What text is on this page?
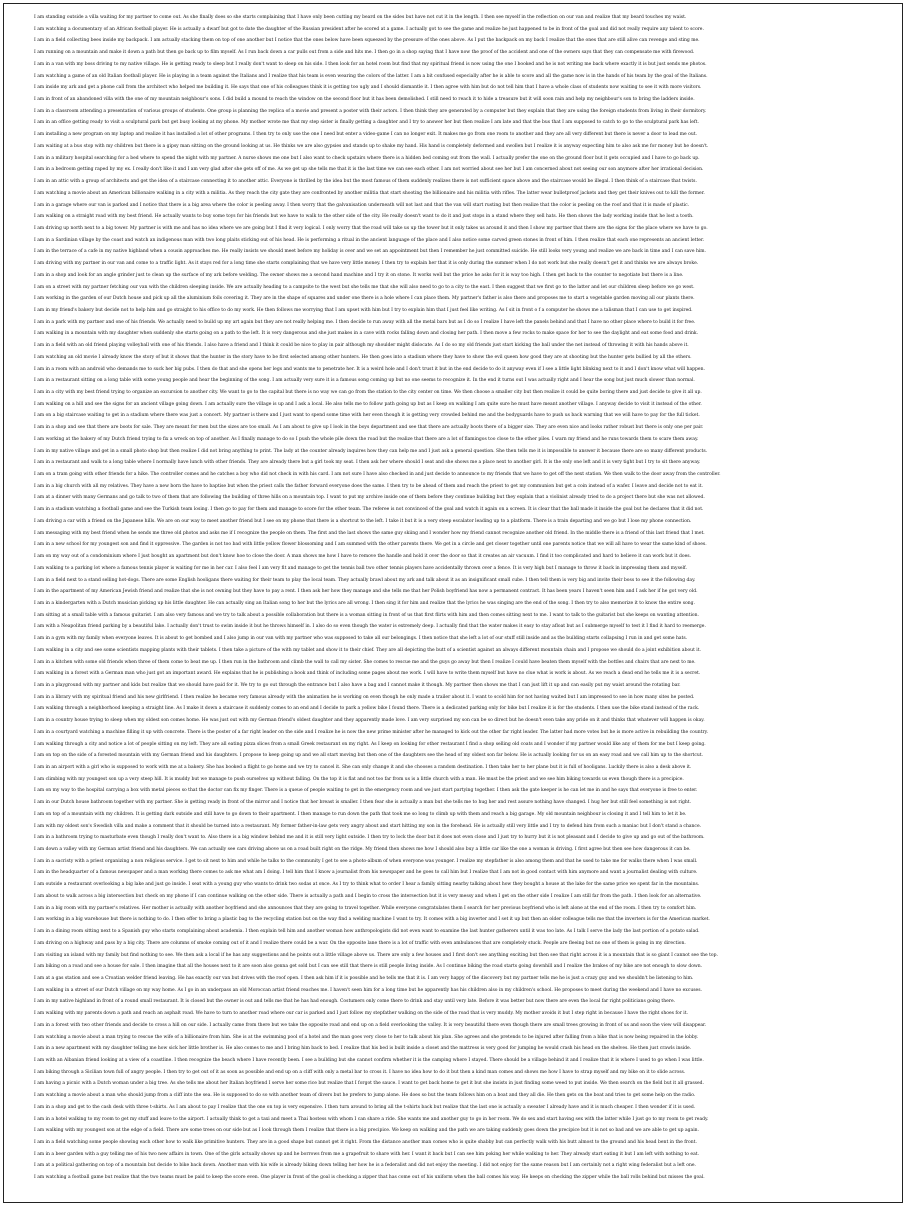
I am standing outside a villa waiting for my partner to come out. As she finally does so she starts complaining that I have only been cutting my beard on the sides but have not cut it in the length. I then see myself in the reflection on our van and realize that my beard touches my waist.
I am watching a documentary of an African football player. He is actually a dwarf but got to date the daughter of the Russian president after he scored at a game. I actually got to see the game and realize he just happened to be in front of the goal and did not really require any talent to score.
I am in a field collecting bees inside my backpack. I am actually stacking them on top of one another but I notice that the ones below have been squeezed by the pressure of the ones above. As I put the backpack on my back I realize that the ones that are still alive can revenge and sting me.
I am running on a mountain and make it down a path but then go back up to film myself. As I run back down a car pulls out from a side and hits me. I then go in a shop saying that I have now the proof of the accident and one of the owners says that they can compensate me with firewood.
I am in a van with my boss driving to my native village. He is getting ready to sleep but I really don't want to sleep on his side. I then look for an hotel room but find that my spiritual friend is now using the one I booked and he is not writing me back where exactly it is but just sends me photos.
I am watching a game of an old Italian football player. He is playing in a team against the Italians and I realize that his team is even wearing the colors of the latter. I am a bit confused especially after he is able to score and all the game now is in the hands of his team by the goal of the Italians.
I am inside my ark and get a phone call from the architect who helped me building it. He says that one of his colleagues think it is getting too ugly and I should dismantle it. I then agree with him but do not tell him that I have a whole class of students now waiting to see it with more visitors.
I am in front of an abandoned villa with the one of my mountain neighbour's sons. I did build a mound to reach the window on the second floor but it has been demolished. I still need to reach it to hide a treasure but it will soon rain and help my neighbour's son to bring the ladders inside.
I am in a classroom attending a presentation of various groups of students. One group is planning the replica of a movie and present a poster with their actors. I then think they are generated by a computer but they explain that they are using the foreign students from living in their dormitory.
I am in an office getting ready to visit a sculptural park but get busy looking at my phone. My mother wrote me that my step sister is finally getting a daughter and I try to answer her but then realize I am late and that the bus that I am supposed to catch to go to the sculptural park has left.
I am installing a new program on my laptop and realize it has installed a lot of other programs. I then try to only use the one I need but enter a video-game I can no longer exit. It makes me go from one room to another and they are all very different but there is never a door to lead me out.
I am waiting at a bus stop with my children but there is a gipsy man sitting on the ground looking at us. He thinks we are also gypsies and stands up to shake my hand. His hand is completely deformed and swollen but I realize it is anyway expecting him to also ask me for money but he doesn't.
I am in a military hospital searching for a bed where to spend the night with my partner. A nurse shows me one but I also want to check upstairs where there is a hidden bed coming out from the wall. I actually prefer the one on the ground floor but it gets occupied and I have to go back up.
I am in a bedroom getting raped by my ex. I really don't like it and I am very glad after she gets off of me. As we get up she tells me that it is the last time we can see each other. I am not worried about see her but I am concerned about not seeing our son anymore after her irrational decision.
I am in an attic with a group of architects and get the idea of a staircase connecting it to another attic. Everyone is thrilled by the idea but the most famous of them suddenly realizes there is not sufficient space above and the staircase would be illegal. I then think of a staircase that twists.
I am watching a movie about an American billionaire walking in a city with a militia. As they reach the city gate they are confronted by another militia that start shooting the billionaire and his militia with rifles. The latter wear bulletproof jackets and they get their knives out to kill the former.
I am in a garage where our van is parked and I notice that there is a big area where the color is peeling away. I then worry that the galvanisation underneath will not last and that the van will start rusting but then realize that the color is peeling on the roof and that it is made of plastic.
I am walking on a straight road with my best friend. He actually wants to buy some toys for his friends but we have to walk to the other side of the city. He really doesn't want to do it and just stops in a stand where they sell hats. He then shows the lady working inside that he lost a tooth.
I am driving up north next to a big tower. My partner is with me and has no idea where we are going but I find it very logical. I only worry that the road will take us up the tower but it only takes us around it and then I show my partner that there are the signs for the place where we have to go.
I am in a Sardinian village by the coast and watch an indigenous man with two long plaits sticking out of his head. He is performing a ritual in the ancient language of the place and I also notice some carved green stones in front of him. I then realize that each one represents an ancient letter.
I am in the terrace of a cafe in my native highland when a cousin approaches me. He really insists we should meet before my holiday is over and we set an appointment but then I remember he just committed suicide. He still looks very young and realize we are back in time and I can save him.
I am driving with my partner in our van and come to a traffic light. As it stays red for a long time she starts complaining that we have very little money. I then try to explain her that it is only during the summer when I do not work but she really doesn't get it and thinks we are always broke.
I am in a shop and look for an angle grinder just to clean up the surface of my ark before welding. The owner shows me a second hand machine and I try it on stone. It works well but the price he asks for it is way too high. I then get back to the counter to negotiate but there is a line.
I am on a street with my partner fetching our van with the children sleeping inside. We are actually heading to a campsite to the west but she tells me that she will also need to go to a city to the east. I then suggest that we first go to the latter and let our children sleep before we go west.
I am working in the garden of our Dutch house and pick up all the aluminium foils covering it. They are in the shape of squares and under one there is a hole where I can place them. My partner's father is also there and proposes me to start a vegetable garden moving all our plants there.
I am in my friend's bakery but decide not to help him and go straight to his office to do my work. He then follows me worrying that I am upset with him but I try to explain him that I just feel like writing. As I sit in front o f a computer he shows me a talisman that I can use to get inspired.
I am in a park with my partner and one of his friends. We actually need to build up my art again but they are not really helping me. I then decide to run away with all the metal bars but as I do so I realize I have left the panels behind and that I have no other place where to build it for free.
I am walking in a mountain with my daughter when suddenly she starts going on a path to the left. It is very dangerous and she just makes in a cave with rocks falling down and closing her path. I then move a few rocks to make space for her to see the daylight and eat some food and drink.
I am in a field with an old friend playing volleyball with one of his friends. I also have a friend and I think it could be nice to play in pair although my shoulder might dislocate. As I do so my old friends just start kicking the ball under the net instead of throwing it with his hands above it.
I am watching an old movie I already know the story of but it shows that the hunter in the story have to be first selected among other hunters. He then goes into a stadium where they have to show the evil queen how good they are at shooting but the hunter gets bullied by all the others.
I am in a room with an android who demands me to suck her big pubs. I then do that and she opens her legs and wants me to penetrate her. It is a weird hole and I don't trust it but in the end decide to do it anyway even if I see a little light blinking next to it and I don't know what will happen.
I am in a restaurant sitting on a long table with some young people and hear the beginning of the song. I am actually very sure it is a famous song coming up but no one seems to recognize it. In the end it turns out I was actually right and I hear the song but just much slower than normal.
I am in a city with my best friend trying to organize an excursion to another city. We want to go to the capital but there is no way we can go from the station to the city center on time. We then choose a smaller city but then realize it could be quite boring there and just decide to give it all up.
I am walking on a hill and see the signs for an ancient village going down. I am actually sure the village is up and I ask a local. He also tells me to follow path going up but as I keep on walking I am quite sure he must have meant another village. I anyway decide to visit it instead of the other.
I am on a big staircase waiting to get in a stadium where there was just a concert. My partner is there and I just want to spend some time with her even though it is getting very crowded behind me and the bodyguards have to push us back warning that we will have to pay for the full ticket.
I am in a shop and see that there are boots for sale. They are meant for men but the sizes are too small. As I am about to give up I look in the boys department and see that there are actually boots there of a bigger size. They are even nice and looks rather robust but there is only one per pair.
I am working at the bakery of my Dutch friend trying to fix a wreck on top of another. As I finally manage to do so I push the whole pile down the road but the realize that there are a lot of flamingos too close to the other piles. I warn my friend and he runs towards them to scare them away.
I am in my native village and get in a small photo shop but then realize I did not bring anything to print. The lady at the counter already inquires how they can help me and I just ask a general question. She then tells me it is impossible to answer it because there are so many different products.
I am in a restaurant and walk to a long table where I normally have lunch with other friends. They are already there but a girl took my seat. I then ask her where should I seat and she shows me a place next to another girl. It is the only one left and it is very tight but I try to sit there anyway.
I am on a tram going with other friends for a hike. The controller comes and he catches a boy who did not check in with his card. I am not sure I have also checked in and just decide to announce to my friends that we have to get off the next station. We then walk to the door away from the controller.
I am in a big church with all my relatives. They have a new born the have to baptise but when the priest calls the father forward everyone does the same. I then try to be ahead of them and reach the priest to get my communion but get a coin instead of a wafer. I leave and decide not to eat it.
I am at a dinner with many Germans and go talk to two of them that are following the building of three hills on a mountain top. I want to put my archive inside one of them before they continue building but they explain that a violinist already tried to do a project there but she was not allowed.
I am in a stadium watching a football game and see the Turkish team losing. I then go to pay for them and manage to score for the other team. The referee is not convinced of the goal and watch it again on a screen. It is clear that the ball made it inside the goal but he declares that it did not.
I am driving a car with a friend on the Japanese hills. We are on our way to meet another friend but I see on my phone that there is a shortcut to the left. I take it but it is a very steep escalator leading up to a platform. There is a train departing and we go but I lose my phone connection.
I am messaging with my best friend when he sends me three old photos and asks me if I recognize the people on them. The first and the last shows the same guy skiing and I wonder how my friend cannot recognize another old friend. In the middle there is a friend of this last friend that I met.
I am in a new school for my youngest son and find it oppressive. The garden is not too bad with little yellow flower blossoming and I am summed with the other parents there. We get in a circle and get closer together until one parents notice that we will all have to wear the same kind of shoes.
I am on my way out of a condominium where I just bought an apartment but don't know hoe to close the door. A man shows me how I have to remove the handle and hold it over the door so that it creates an air vacuum. I find it too complicated and hard to believe it can work but it does.
I am walking to a parking lot where a famous tennis player is waiting for me in her car. I also feel I am very fit and manage to get the tennis ball two other tennis players have accidentally thrown over a fence. It is very high but I manage to throw it back in impressing them and myself.
I am in a field next to a stand selling hot-dogs. There are some English hooligans there waiting for their team to play the local team. They actually brawl about my ark and talk about it as an insignificant small cube. I then tell them is very big and invite their boss to see it the following day.
I am in the apartment of my American Jewish friend and realize that she is not owning but they have to pay a rent. I then ask her how they manage and she tells me that her Polish boyfriend has now a permanent contract. It has been years I haven't seen him and I ask her if he got very old.
I am in a kindergarten with a Dutch musician picking up his little daughter. He can actually sing an Italian song to her but the lyrics are all wrong. I then sing it for him and realize that the lyrics he was singing are the end of the song. I then try to also memorize it to know the entire song.
I am sitting at a small table with a famous guitarist. I am also very famous and we try to talk about a possible collaboration but there is a woman sitting in front of us that first flirts with him and then comes sitting next to me. I want to talk to the guitarist but she keeps on wanting attention.
I am with a Neapolitan friend parking by a beautiful lake. I actually don't trust to swim inside it but he throws himself in. I also do so even though the water is extremely deep. I actually find that the water makes it easy to stay afloat but as I submerge myself to test it I find it hard to reemerge.
I am in a gym with my family when everyone leaves. It is about to get bombed and I also jump in our van with my partner who was supposed to take all our belongings. I then notice that she left a lot of our stuff still inside and as the building starts collapsing I run in and get some hats.
I am walking in a city and see some scientists mapping plants with their tablets. I then take a picture of the with my tablet and show it to their chief. They are all depicting the butt of a scientist against an always different mountain chain and I propose we should do a joint exhibition about it.
I am in a kitchen with some old friends when three of them come to beat me up. I then run in the bathroom and climb the wall to call my sister. She comes to rescue me and the guys go away but then I realize I could have beaten them myself with the bottles and chairs that are next to me.
I am walking in a forest with a German man who just got an important award. He explains that he is publishing a book and think of including some pages about me work. I will have to write them myself but have no clue what is work is about. As we reach a dead end he tells me it is a secret.
I am in a playground with my partner and kids but realize that we should have paid for it. We try to go out through the entrance but I also have a bag and I cannot make it though. My partner then shows me that I can just lift it up and can easily put my waist around the rotating bar.
I am in a library with my spiritual friend and his new girlfriend. I then realize he became very famous already with the animation he is working on even though he only made a trailer about it. I want to scold him for not having waited but I am impressed to see in how many sites he posted.
I am walking through a neighborhood keeping a straight line. As I make it down a staircase it suddenly comes to an end and I decide to park a yellow bike I found there. There is a dedicated parking only for bike but I realize it is for the students. I then use the bike stand instead of the rack.
I am in a country house trying to sleep when my oldest son comes home. He was just out with my German friend's oldest daughter and they apparently made love. I am very surprised my son can be so direct but he doesn't even take any pride on it and thinks that whatever will happen is okay.
I am in a courtyard watching a machine filling it up with concrete. There is the poster of a far right leader on the side and I realize he is now the new prime minister after he managed to kick out the other far right leader. The latter had more votes but he is more active in rebuilding the country.
I am walking through a city and notice a lot of people sitting on my left. They are all eating pizza slices from a small Greek restaurant on my right. As I keep on looking for other restaurant I find a shop selling old coats and I wonder if my partner would like any of them for me but I keep going.
I am on top on the side of a forested mountain with my German friend and his daughters. I propose to keep going up and we all start moving but then one of the daughters see the head of my oldest son far below. He is actually looking for us on an easy road and we call him up to the shortcut.
I am in an airport with a girl who is supposed to work with me at a bakery. She has booked a flight to go home and we try to cancel it. She can only change it and she chooses a random destination. I then take her to her plane but it is full of hooligans. Luckily there is also a desk above it.
I am climbing with my youngest son up a very steep hill. It is muddy but we manage to push ourselves up without falling. On the top it is flat and not too far from us is a little church with a man. He must be the priest and we see him biking towards us even though there is a precipice.
I am on my way to the hospital carrying a box with metal pieces so that the doctor can fix my finger. There is a queue of people waiting to get in the emergency room and we just start partying together. I then ask the gate keeper is he can let me in and he says that everyone is free to enter.
I am in our Dutch house bathroom together with my partner. She is getting ready in front of the mirror and I notice that her breast is smaller. I then fear she is actually a man but she tells me to hug her and rest assure nothing have changed. I hug her but still feel something is not right.
I am on top of a mountain with my children. It is getting dark outside and still have to go down to their apartment. I then manage to run down the path that took me so long to climb up with them and reach a big garage. My old mountain neighbour is closing it and I tell him to let it be.
I am with my oldest son's Swedish villa and make a comment that it should be turned into a restaurant. My former father-in-law gets very angry about and start hitting my son in the forehead. He is actually still very little and I try to defend him from such a maniac but I don't stand a chance.
I am in a bathroom trying to masturbate even though I really don't want to. Also there is a big window behind me and it is still very light outside. I then try to lock the door but it does not even close and I just try to hurry but it is not pleasant and I decide to give up and go out of the bathroom.
I am down a valley with my German artist friend and his daughters. We can actually see cars driving above us on a road built right on the ridge. My friend then shows me how I should also buy a little car like the one a woman is driving. I first agree but then see how dangerous it can be.
I am in a sacristy with a priest organizing a non religious service. I get to sit next to him and while he talks to the community I get to see a photo-album of when everyone was younger. I realize my stepfather is also among them and that he used to take me for walks there when I was small.
I am in the headquarter of a famous newspaper and a man working there comes to ask me what am I doing. I tell him that I know a journalist from his newspaper and he goes to call him but I realize that I am not in good contact with him anymore and want a journalist dealing with culture.
I am outside a restaurant overlooking a big lake and just go inside. I seat with a young guy who wants to drink two sodas at once. As I try to think what to order I hear a family sitting nearby talking about how they bought a house at the lake for the same price we spent far in the mountains.
I am about to walk across a big intersection but check on my phone if I can continue walking on the other side. There is actually a path and I begin to cross the intersection but it is very messy and when I get on the other side I realize I am still far from the path. I then look for an alternative.
I am in a big room with my partner's relatives. Her mother is actually with another boyfriend and she announces that they are going to travel together. While everyone congratulates them I search for her previous boyfriend who is left alone at the end of the room. I then try to comfort him.
I am working in a big warehouse but there is nothing to do. I then offer to bring a plastic bag to the recycling station but on the way find a welding machine I want to try. It comes with a big inverter and I set it up but then an older colleague tells me that the inverters is for the American market.
I am in a dining room sitting next to a Spanish guy who starts complaining about academia. I then explain tell him and another woman how anthropologists did not even want to examine the last hunter gatherers until it was too late. As I talk I serve the lady the last portion of a potato salad.
I am driving on a highway and pass by a big city. There are columns of smoke coming out of it and I realize there could be a war. On the opposite lane there is a lot of traffic with even ambulances that are completely stuck. People are fleeing but no one of them is going in my direction.
I am visiting an island with my family but find nothing to see. We then ask a local if he has any suggestions and he points out a little village above us. There are only a few houses and I first don't see anything exciting but then see that right across it is a mountain that is so giant I cannot see the top.
I am biking on a road and see a house for sale. I then imagine that all the houses next to it are soon also gonna get sold but I can see still that there is still people living inside. As I continue biking the road starts going downhill and I realize the brakes of my bike are not enough to slow down.
I am at a gas station and see a Croatian welder friend leaving. He has exactly our van but drives with the roof open. I then ask him if it is possible and he tells me that it is. I am very happy of the discovery but my partner tells me he is just a crazy guy and we shouldn't be listening to him.
I am walking in a street of our Dutch village on my way home. As I go in an underpass an old Moroccan artist friend reaches me. I haven't seen him for a long time but he apparently has his children also in my children's school. He proposes to meet during the weekend and I have no excuses.
I am in my native highland in front of a round small restaurant. It is closed but the owner is out and tells me that he has had enough. Costumers only come there to drink and stay until very late. Before it was better but now there are even the local far right politicians going there.
I am walking with my parents down a path and reach an asphalt road. We have to turn to another road where our car is parked and I just follow my stepfather walking on the side of the road that is very muddy. My mother avoids it but I step right in because I have the right shoes for it.
I am in a forest with two other friends and decide to cross a hill on our side. I actually came from there but we take the opposite road and end up on a field overlooking the valley. It is very beautiful there even though there are small trees growing in front of us and soon the view will disappear.
I am watching a movie about a man trying to rescue the wife of a billionaire from him. She is at the swimming pool of a hotel and the man goes very close to her to talk about his plan. She agrees and she pretends to be injured after falling from a bike that is now being repaired in the lobby.
I am in a new apartment with my daughter telling me how sick her little brother is. He also comes to me and I bring him back to bed. I realize that his bed is built inside a closet and the mattress is very good for jumping he would crash his head on the shelves. He then just crawls inside.
I am with an Albanian friend looking at a view of a coastline. I then recognize the beach where I have recently been. I see a building but she cannot confirm whether it is the camping where I stayed. There should be a village behind it and I realize that it is where I used to go when I was little.
I am biking through a Sicilian town full of angry people. I then try to get out of it as soon as possible and end up on a cliff with only a metal bar to cross it. I have no idea how to do it but then a kind man comes and shows me how I have to strap myself and my bike on it to slide across.
I am having a picnic with a Dutch woman under a big tree. As she tells me about her Italian boyfriend I serve her some rice but realize that I forgot the sauce. I want to get back home to get it but she insists in just finding some weed to put inside. We then search on the field but it all grassed.
I am watching a movie about a man who should jump from a cliff into the sea. He is supposed to do so with another team of divers but he prefers to jump alone. He does so but the team follows him on a boat and they all die. He then gets on the boat and tries to get some help on the radio.
I am in a shop and get to the cash desk with three t-shirts. As I am about to pay I realize that the one on top is very expensive. I then turn around to bring all the t-shirts back but realize that the last one is actually a sweater I already have and it is much cheaper. I then wonder if it is used.
I am in a hotel walking to my room to get my stuff and leave to the airport. I actually think to get a taxi and meet a Thai hostess with whom I can share a ride. She wants me and another guy to go in her room. We do sex and start having sex with the latter while I just go to my room to get ready.
I am walking with my youngest son at the edge of a field. There are some trees on our side but as I look through them I realize that there is a big precipice. We keep on walking and the path we are taking suddenly goes down the precipice but it is not so bad and we are able to get up again.
I am in a field watching some people showing each other how to walk like primitive hunters. They are in a good shape but cannot get it right. From the distance another man comes who is quite shabby but can perfectly walk with his butt almost to the ground and his head bent in the front.
I am in a beer garden with a guy telling me of his two new affairs in town. One of the girls actually shows up and he borrows from me a grapefruit to share with her. I want it back but I can see him poking her while walking to her. They already start eating it but I am left with nothing to eat.
I am at a political gathering on top of a mountain but decide to bike back down. Another man with his wife is already biking down telling her how he is a federalist and did not enjoy the meeting. I did not enjoy for the same reason but I am certainly not a right wing federalist but a left one.
I am watching a football game but realize that the two teams must be paid to keep the score even. One player in front of the goal is checking a zipper that has come out of his uniform when the ball comes his way. He keeps on checking the zipper while the ball rolls behind but misses the goal.
